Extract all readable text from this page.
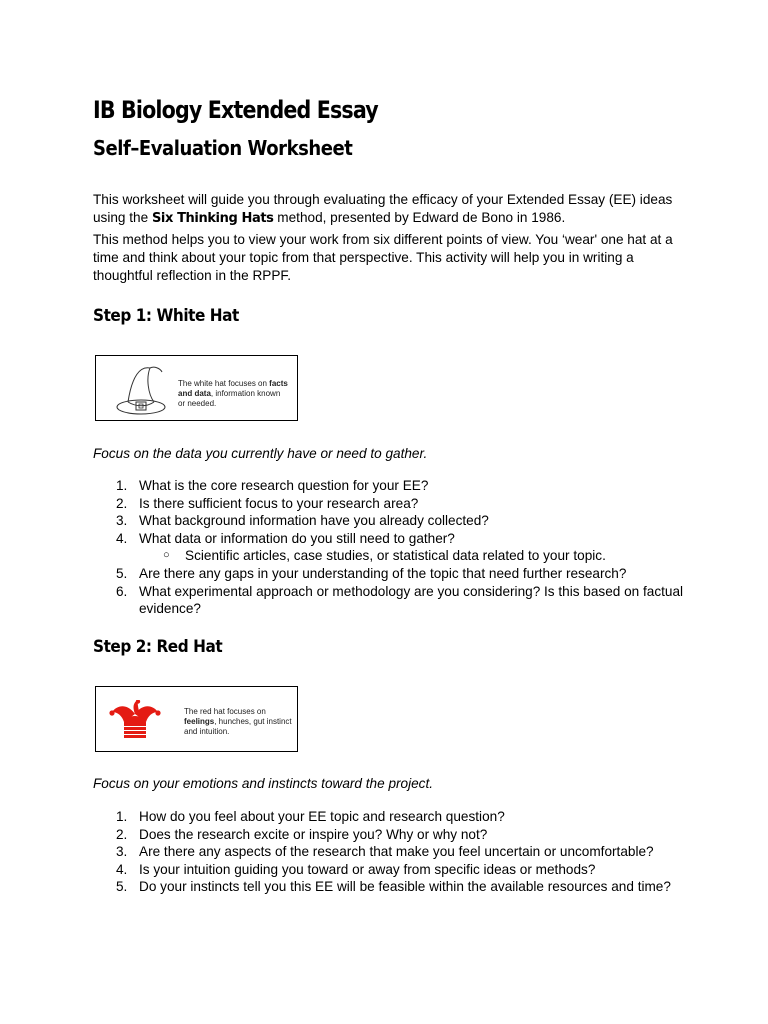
IB Biology Extended Essay
Self–Evaluation Worksheet

This worksheet will guide you through evaluating the efficacy of your Extended Essay (EE) ideas using the Six Thinking Hats method, presented by Edward de Bono in 1986.

This method helps you to view your work from six different points of view. You ‘wear' one hat at a time and think about your topic from that perspective. This activity will help you in writing a thoughtful reflection in the RPPF.

Step 1: White Hat
The white hat focuses on facts and data, information known or needed.

Focus on the data you currently have or need to gather.

1. What is the core research question for your EE?
2. Is there sufficient focus to your research area?
3. What background information have you already collected?
4. What data or information do you still need to gather?
○ Scientific articles, case studies, or statistical data related to your topic.
5. Are there any gaps in your understanding of the topic that need further research?
6. What experimental approach or methodology are you considering? Is this based on factual evidence?
Step 2: Red Hat
The red hat focuses on feelings, hunches, gut instinct and intuition.

Focus on your emotions and instincts toward the project.

1. How do you feel about your EE topic and research question?
2. Does the research excite or inspire you? Why or why not?
3. Are there any aspects of the research that make you feel uncertain or uncomfortable?
4. Is your intuition guiding you toward or away from specific ideas or methods?
5. Do your instincts tell you this EE will be feasible within the available resources and time?
